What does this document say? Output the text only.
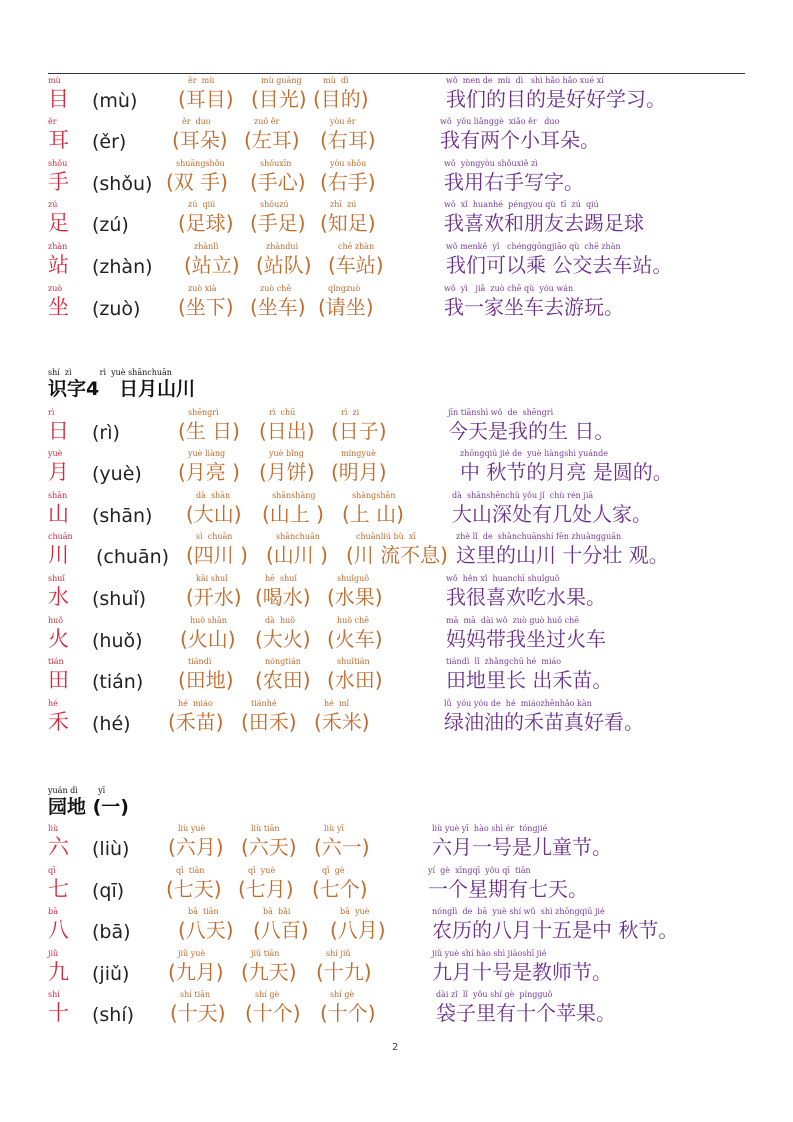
mù
目 (mù)
ěr  mù
(耳目)
mù guāng
(目光)
mù  dì
(目的)
wǒ  men de  mù  dì   shì hǎo hǎo xué xí
我们的目的是好好学习。
ěr
耳 (ěr)
ěr  duo
(耳朵)
zuǒ ěr
(左耳)
yòu ěr
(右耳)
wǒ  yǒu liǎnggè  xiǎo ěr   duo
我有两个小耳朵。
shǒu
手 (shǒu)
shuāngshǒu
(双 手)
shǒuxīn
(手心)
yòu shǒu
(右手)
wǒ  yòngyòu shǒuxiě zì
我用右手写字。
zú
足 (zú)
zú  qiú
(足球)
shǒuzú
(手足)
zhī  zú
(知足)
wǒ  xǐ  huanhé  péngyou qù  tī  zú  qiú
我喜欢和朋友去踢足球
zhàn
站 (zhàn)
zhànlì
(站立)
zhànduì
(站队)
chē zhàn
(车站)
wǒ menkě  yǐ   chénggōngjiāo qù  chē zhàn
我们可以乘 公交去车站。
zuò
坐 (zuò)
zuò xià
(坐下)
zuò chē
(坐车)
qǐngzuò
(请坐)
wǒ  yì   jiā  zuò chē qù  yóu wán
我一家坐车去游玩。
shí  zì           rì  yuè shānchuān
识字4   日月山川
rì
日 (rì)
shēngrì
(生 日)
rì  chū
(日出)
rì  zi
(日子)
jīn tiānshì wǒ  de  shēngrì
今天是我的生 日。
yuè
月 (yuè)
yuè liàng
(月亮 )
yuè bǐng
(月饼)
míngyuè
(明月)
zhōngqiū jié de  yuè liàngshì yuánde
中 秋节的月亮 是圆的。
shān
山 (shān)
dà  shān
(大山)
shānshàng
(山上 )
shàngshān
(上 山)
dà  shānshēnchù yǒu jǐ  chù rén jiā
大山深处有几处人家。
chuān
川 (chuān)
sì  chuān
(四川 )
shānchuān
(山川 )
chuānliú bù  xī
(川 流不息)
zhè lǐ  de  shānchuānshí fēn zhuàngguān
这里的山川 十分壮 观。
shuǐ
水 (shuǐ)
kāi shuǐ
(开水)
hē  shuǐ
(喝水)
shuǐguǒ
(水果)
wǒ  hěn xǐ  huanchī shuǐguǒ
我很喜欢吃水果。
huǒ
火 (huǒ)
huǒ shān
(火山)
dà  huǒ
(大火)
huǒ chē
(火车)
mā  mā  dài wǒ  zuò guò huǒ chē
妈妈带我坐过火车
tián
田 (tián)
tiándì
(田地)
nóngtián
(农田)
shuǐtián
(水田)
tiándì  lǐ  zhǎngchū hé  miáo
田地里长 出禾苗。
hé
禾 (hé)
hé  miáo
(禾苗)
tiánhé
(田禾)
hé  mǐ
(禾米)
lǜ  yóu yóu de  hé  miáozhēnhǎo kàn
绿油油的禾苗真好看。
yuán dì        yī
园地 (一)
liù
六 (liù)
liù yuè
(六月)
liù tiān
(六天)
liù yī
(六一)
liù yuè yī  hào shì ér  tóngjié
六月一号是儿童节。
qī
七 (qī)
qī  tiān
(七天)
qī  yuè
(七月)
qī  gè
(七个)
yí  gè  xīngqī  yǒu qī  tiān
一个星期有七天。
bā
八 (bā)
bā  tiān
(八天)
bā  bǎi
(八百)
bā  yuè
(八月)
nónglì  de  bā  yuè shí wǔ  shì zhōngqiū jié
农历的八月十五是中 秋节。
jiǔ
九 (jiǔ)
jiǔ yuè
(九月)
jiǔ tiān
(九天)
shí jiǔ
(十九)
jiǔ yuè shí hào shì jiàoshī jié
九月十号是教师节。
shí
十 (shí)
shí tiān
(十天)
shí gè
(十个)
shí gè
(十个)
dài zǐ  lǐ  yǒu shí gè  píngguǒ
袋子里有十个苹果。
2
